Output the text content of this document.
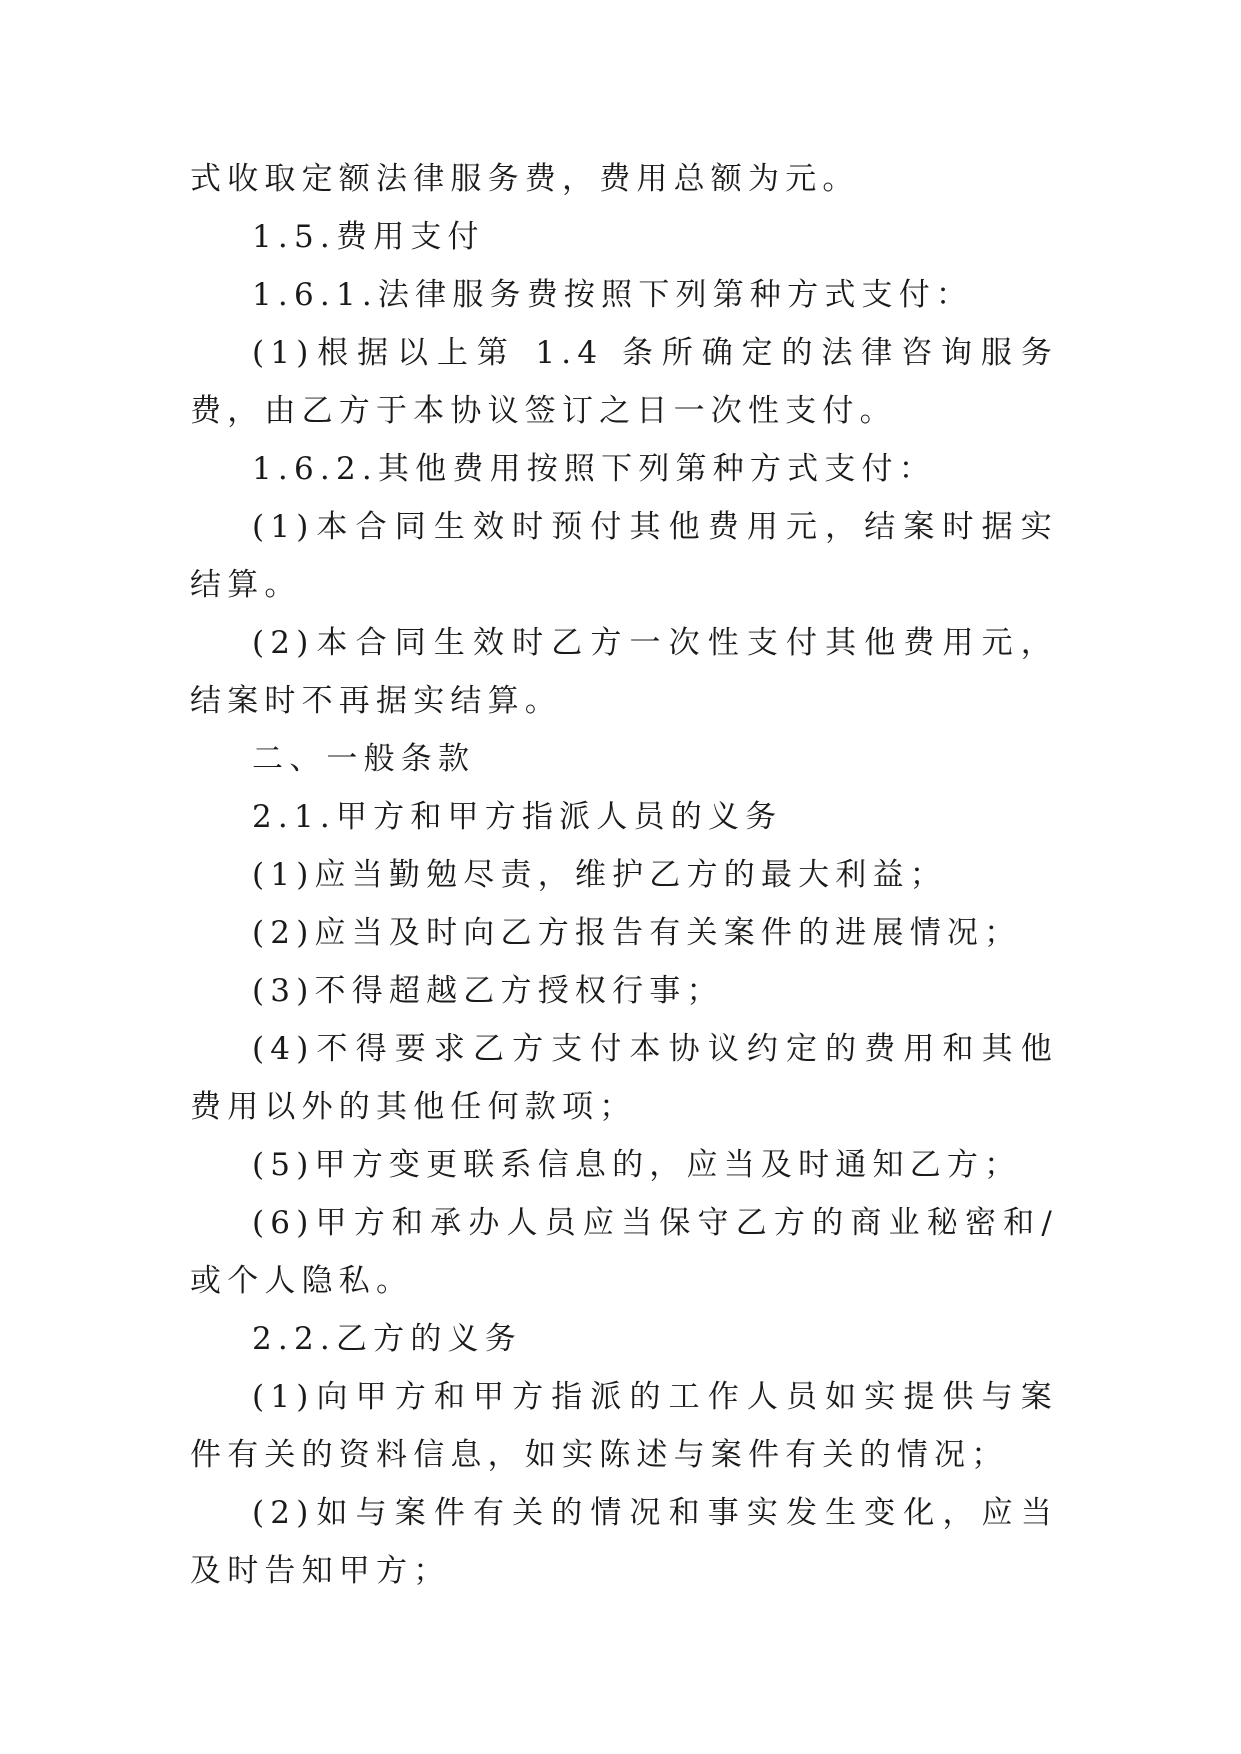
式收取定额法律服务费，费用总额为元。

1.5.费用支付

1.6.1.法律服务费按照下列第种方式支付：

(1)根据以上第 1.4 条所确定的法律咨询服务费，由乙方于本协议签订之日一次性支付。

1.6.2.其他费用按照下列第种方式支付：

(1)本合同生效时预付其他费用元，结案时据实结算。

(2)本合同生效时乙方一次性支付其他费用元，结案时不再据实结算。

二、一般条款

2.1.甲方和甲方指派人员的义务

(1)应当勤勉尽责，维护乙方的最大利益；

(2)应当及时向乙方报告有关案件的进展情况；

(3)不得超越乙方授权行事；

(4)不得要求乙方支付本协议约定的费用和其他费用以外的其他任何款项；

(5)甲方变更联系信息的，应当及时通知乙方；

(6)甲方和承办人员应当保守乙方的商业秘密和/或个人隐私。

2.2.乙方的义务

(1)向甲方和甲方指派的工作人员如实提供与案件有关的资料信息，如实陈述与案件有关的情况；

(2)如与案件有关的情况和事实发生变化，应当及时告知甲方；
